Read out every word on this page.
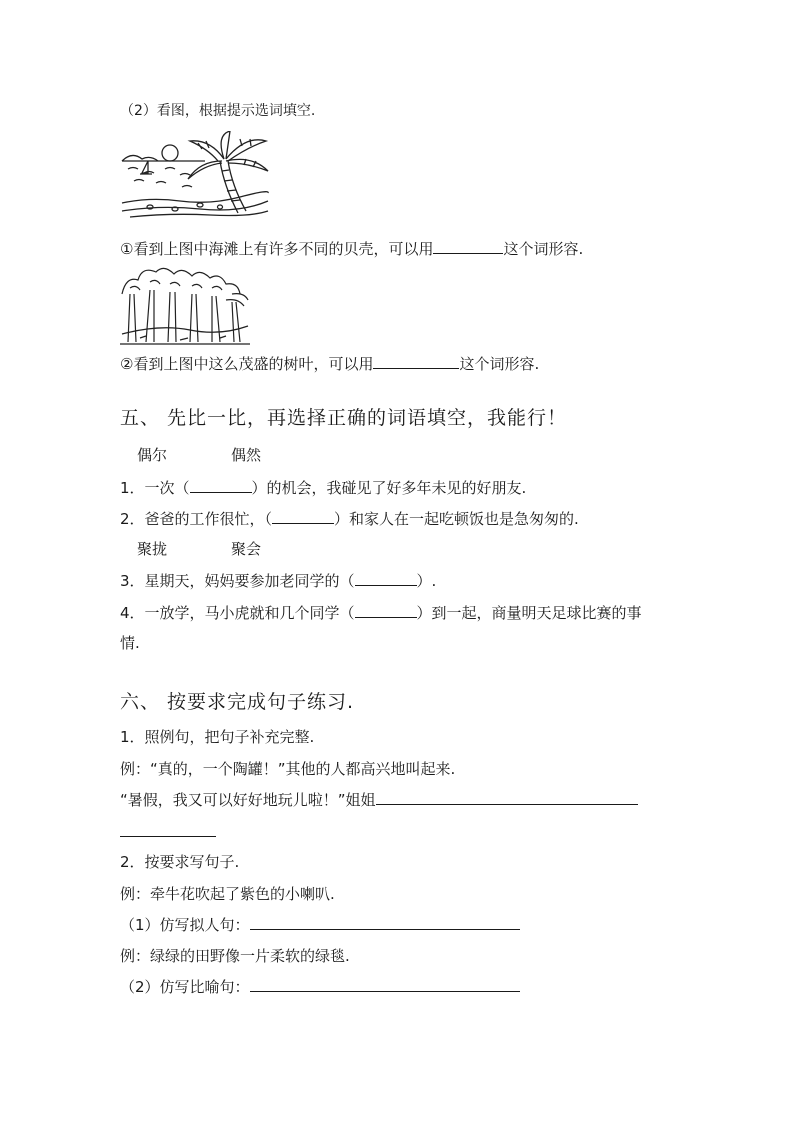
（2）看图，根据提示选词填空.
①看到上图中海滩上有许多不同的贝壳，可以用	这个词形容.
②看到上图中这么茂盛的树叶，可以用	这个词形容.
五、 先比一比，再选择正确的词语填空，我能行！
偶尔	偶然
1．一次（	）的机会，我碰见了好多年未见的好朋友.
2．爸爸的工作很忙，（	）和家人在一起吃顿饭也是急匆匆的.
聚拢	聚会
3．星期天，妈妈要参加老同学的（	）.
4．一放学，马小虎就和几个同学（	）到一起，商量明天足球比赛的事
情.
六、 按要求完成句子练习.
1．照例句，把句子补充完整.
例：“真的，一个陶罐！”其他的人都高兴地叫起来.
“暑假，我又可以好好地玩儿啦！”姐姐
2．按要求写句子.
例：牵牛花吹起了紫色的小喇叭.
（1）仿写拟人句：
例：绿绿的田野像一片柔软的绿毯.
（2）仿写比喻句：
